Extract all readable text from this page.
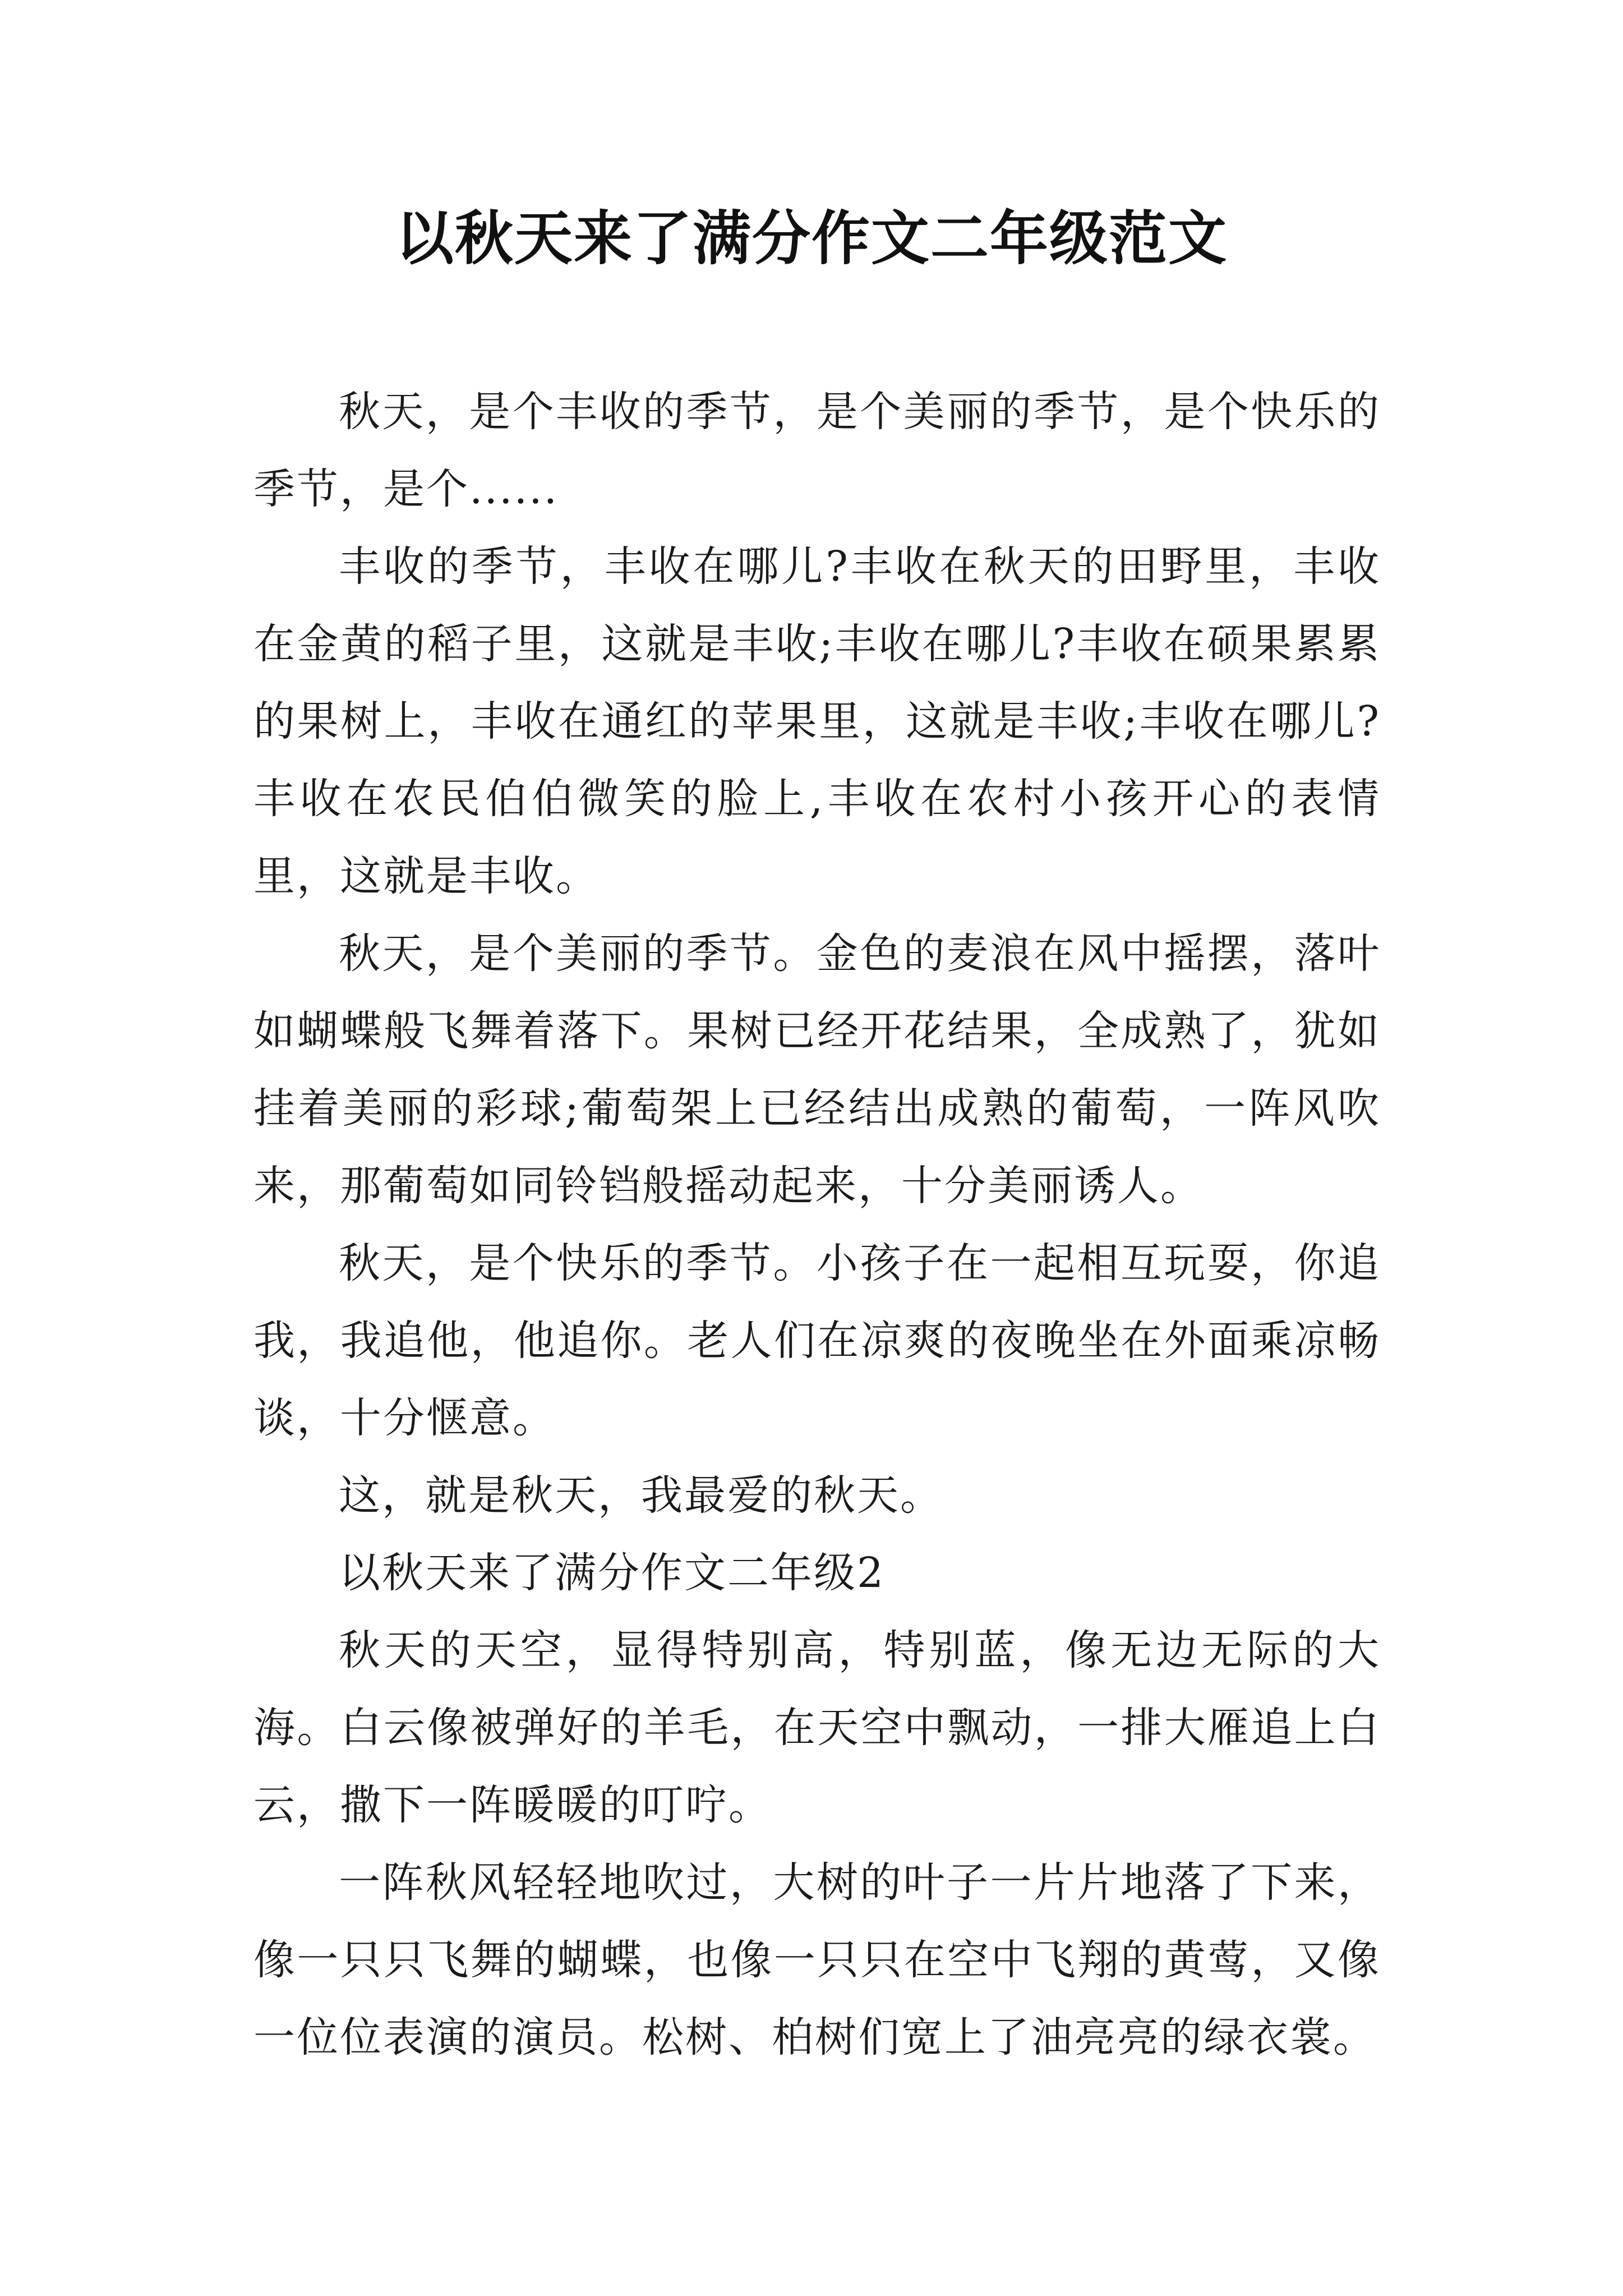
以秋天来了满分作文二年级范文

秋天，是个丰收的季节，是个美丽的季节，是个快乐的季节，是个......

丰收的季节，丰收在哪儿?丰收在秋天的田野里，丰收在金黄的稻子里，这就是丰收;丰收在哪儿?丰收在硕果累累的果树上，丰收在通红的苹果里，这就是丰收;丰收在哪儿?丰收在农民伯伯微笑的脸上,丰收在农村小孩开心的表情里，这就是丰收。

秋天，是个美丽的季节。金色的麦浪在风中摇摆，落叶如蝴蝶般飞舞着落下。果树已经开花结果，全成熟了，犹如挂着美丽的彩球;葡萄架上已经结出成熟的葡萄，一阵风吹来，那葡萄如同铃铛般摇动起来，十分美丽诱人。

秋天，是个快乐的季节。小孩子在一起相互玩耍，你追我，我追他，他追你。老人们在凉爽的夜晚坐在外面乘凉畅谈，十分惬意。

这，就是秋天，我最爱的秋天。

以秋天来了满分作文二年级2

秋天的天空，显得特别高，特别蓝，像无边无际的大海。白云像被弹好的羊毛，在天空中飘动，一排大雁追上白云，撒下一阵暖暖的叮咛。

一阵秋风轻轻地吹过，大树的叶子一片片地落了下来，像一只只飞舞的蝴蝶，也像一只只在空中飞翔的黄莺，又像一位位表演的演员。松树、柏树们宽上了油亮亮的绿衣裳。
